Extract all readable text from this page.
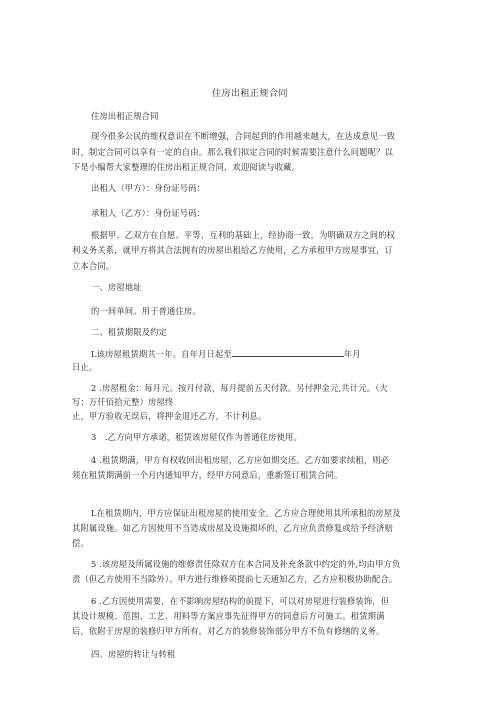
住房出租正规合同
住房出租正规合同
现今很多公民的维权意识在不断增强，合同起到的作用越来越大，在达成意见一致
时，制定合同可以享有一定的自由。那么我们拟定合同的时候需要注意什么问题呢？以
下是小编帮大家整理的住房出租正规合同，欢迎阅读与收藏。
出租人（甲方）：身份证号码：
承租人（乙方）：身份证号码：
根据甲、乙双方在自愿、平等、互利的基础上，经协商一致，为明确双方之间的权
利义务关系，就甲方将其合法拥有的房屋出租给乙方使用，乙方承租甲方房屋事宜，订
立本合同。
一、房屋地址
的一间单间。用于普通住房。
二、租赁期限及约定
L该房屋租赁期共一年。自年月日起至	年月
日止。
2 .房屋租金：每月元。按月付款，每月提前五天付款。另付押金元,共计元。（大
写：万仟佰拾元整）房屋终
止，甲方验收无误后，将押金退还乙方，不计利息。
3　.乙方向甲方承诺，租赁该房屋仅作为普通住房使用。
4 .租赁期满，甲方有权收回出租房屋，乙方应如期交还。乙方如要求续租，则必
须在租赁期满前一个月内通知甲方，经甲方同意后，重新签订租赁合同。
L在租赁期内，甲方应保证出租房屋的使用安全。乙方应合理使用其所承租的房屋及
其附属设施。如乙方因使用不当造成房屋及设施损坏的，乙方应负责修复或给予经济赔
偿。
5 .该房屋及所属设施的维修责任除双方在本合同及补充条款中约定的外,均由甲方负
责（但乙方使用不当除外）。甲方进行维修须提前七天通知乙方，乙方应积极协助配合。
6 .乙方因使用需要，在不影响房屋结构的前提下，可以对房屋进行装修装饰，但
其设计规模、范围、工艺、用料等方案应事先征得甲方的同意后方可施工。租赁期满
后，依附于房屋的装修归甲方所有。对乙方的装修装饰部分甲方不负有修缮的义务。
四、房屋的转让与转租
